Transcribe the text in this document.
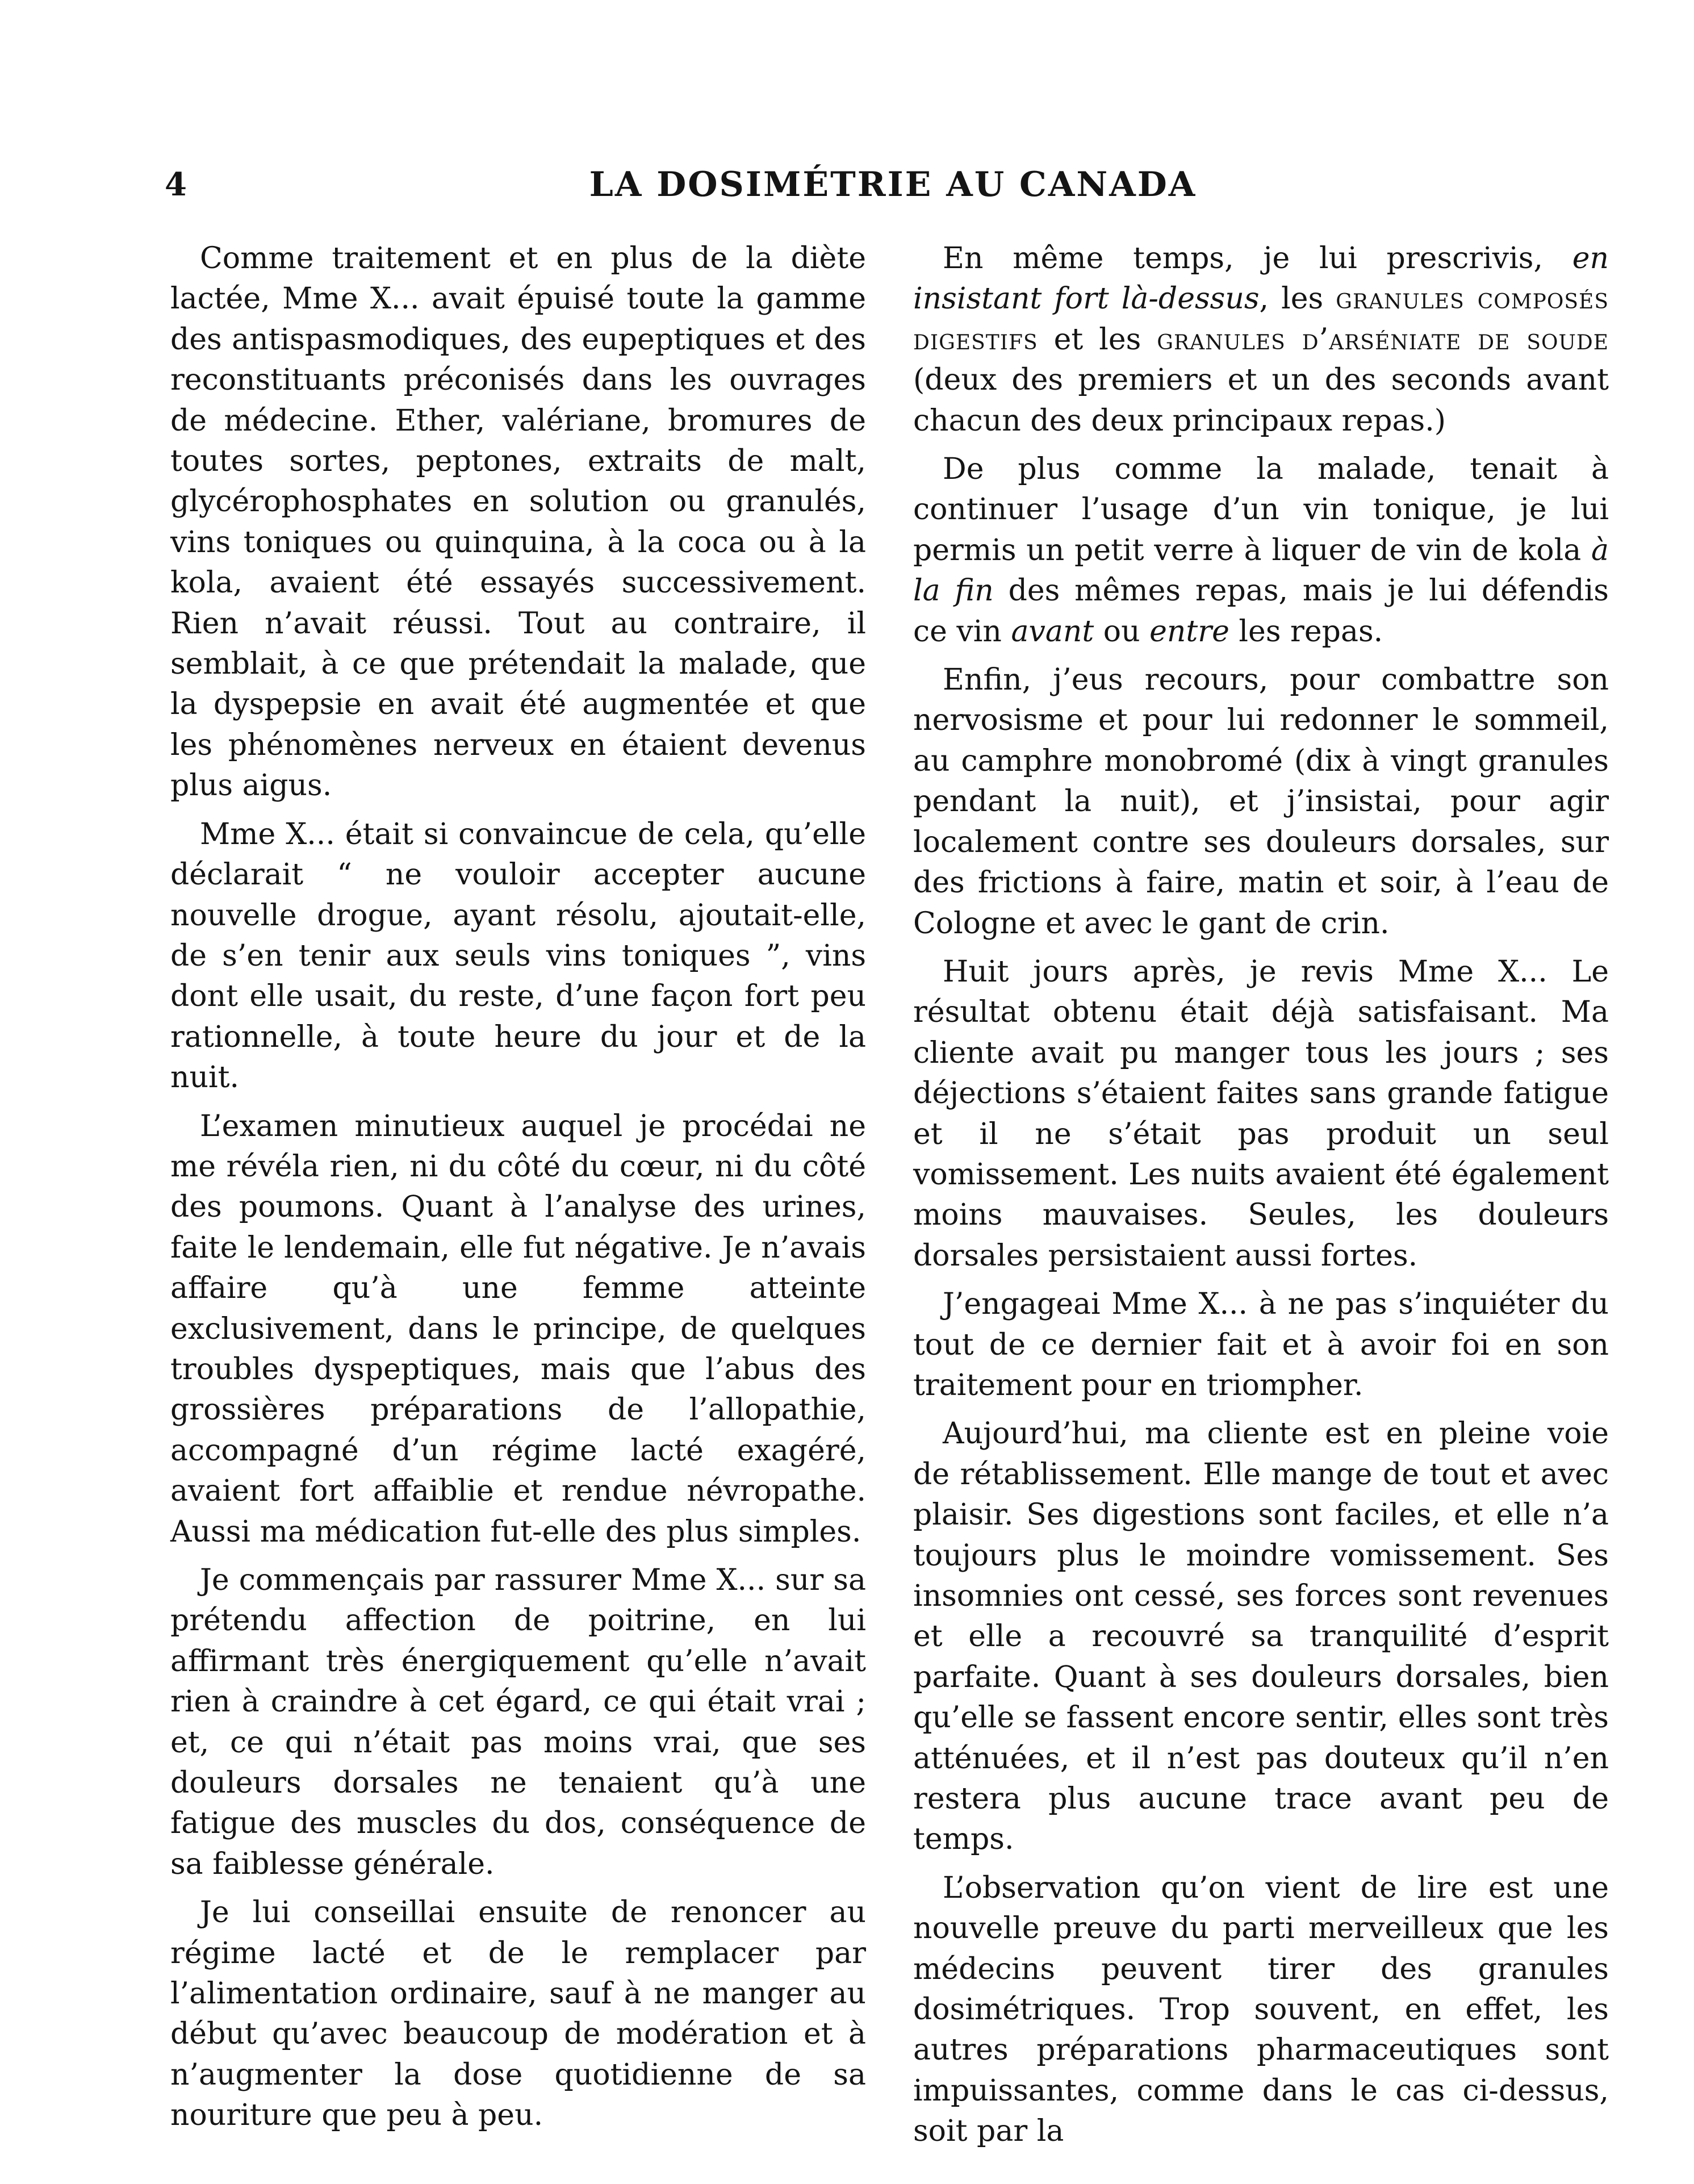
4	LA DOSIMÉTRIE AU CANADA

Comme traitement et en plus de la diète lactée, Mme X... avait épuisé toute la gamme des antispasmodiques, des eupeptiques et des reconstituants préconisés dans les ouvrages de médecine. Ether, valériane, bromures de toutes sortes, peptones, extraits de malt, glycérophosphates en solution ou granulés, vins toniques ou quinquina, à la coca ou à la kola, avaient été essayés successivement. Rien n’avait réussi. Tout au contraire, il semblait, à ce que prétendait la malade, que la dyspepsie en avait été augmentée et que les phénomènes nerveux en étaient devenus plus aigus.

Mme X... était si convaincue de cela, qu’elle déclarait “ ne vouloir accepter aucune nouvelle drogue, ayant résolu, ajoutait-elle, de s’en tenir aux seuls vins toniques ”, vins dont elle usait, du reste, d’une façon fort peu rationnelle, à toute heure du jour et de la nuit.

L’examen minutieux auquel je procédai ne me révéla rien, ni du côté du cœur, ni du côté des poumons. Quant à l’analyse des urines, faite le lendemain, elle fut négative. Je n’avais affaire qu’à une femme atteinte exclusivement, dans le principe, de quelques troubles dyspeptiques, mais que l’abus des grossières préparations de l’allopathie, accompagné d’un régime lacté exagéré, avaient fort affaiblie et rendue névropathe. Aussi ma médication fut-elle des plus simples.

Je commençais par rassurer Mme X... sur sa prétendu affection de poitrine, en lui affirmant très énergiquement qu’elle n’avait rien à craindre à cet égard, ce qui était vrai ; et, ce qui n’était pas moins vrai, que ses douleurs dorsales ne tenaient qu’à une fatigue des muscles du dos, conséquence de sa faiblesse générale.

Je lui conseillai ensuite de renoncer au régime lacté et de le remplacer par l’alimentation ordinaire, sauf à ne manger au début qu’avec beaucoup de modération et à n’augmenter la dose quotidienne de sa nouriture que peu à peu.

En même temps, je lui prescrivis, en insistant fort là-dessus, les granules composés digestifs et les granules d’arséniate de soude (deux des premiers et un des seconds avant chacun des deux principaux repas.)

De plus comme la malade, tenait à continuer l’usage d’un vin tonique, je lui permis un petit verre à liquer de vin de kola à la fin des mêmes repas, mais je lui défendis ce vin avant ou entre les repas.

Enfin, j’eus recours, pour combattre son nervosisme et pour lui redonner le sommeil, au camphre monobromé (dix à vingt granules pendant la nuit), et j’insistai, pour agir localement contre ses douleurs dorsales, sur des frictions à faire, matin et soir, à l’eau de Cologne et avec le gant de crin.

Huit jours après, je revis Mme X... Le résultat obtenu était déjà satisfaisant. Ma cliente avait pu manger tous les jours ; ses déjections s’étaient faites sans grande fatigue et il ne s’était pas produit un seul vomissement. Les nuits avaient été également moins mauvaises. Seules, les douleurs dorsales persistaient aussi fortes.

J’engageai Mme X... à ne pas s’inquiéter du tout de ce dernier fait et à avoir foi en son traitement pour en triompher.

Aujourd’hui, ma cliente est en pleine voie de rétablissement. Elle mange de tout et avec plaisir. Ses digestions sont faciles, et elle n’a toujours plus le moindre vomissement. Ses insomnies ont cessé, ses forces sont revenues et elle a recouvré sa tranquilité d’esprit parfaite. Quant à ses douleurs dorsales, bien qu’elle se fassent encore sentir, elles sont très atténuées, et il n’est pas douteux qu’il n’en restera plus aucune trace avant peu de temps.

L’observation qu’on vient de lire est une nouvelle preuve du parti merveilleux que les médecins peuvent tirer des granules dosimétriques. Trop souvent, en effet, les autres préparations pharmaceutiques sont impuissantes, comme dans le cas ci-dessus, soit par la
